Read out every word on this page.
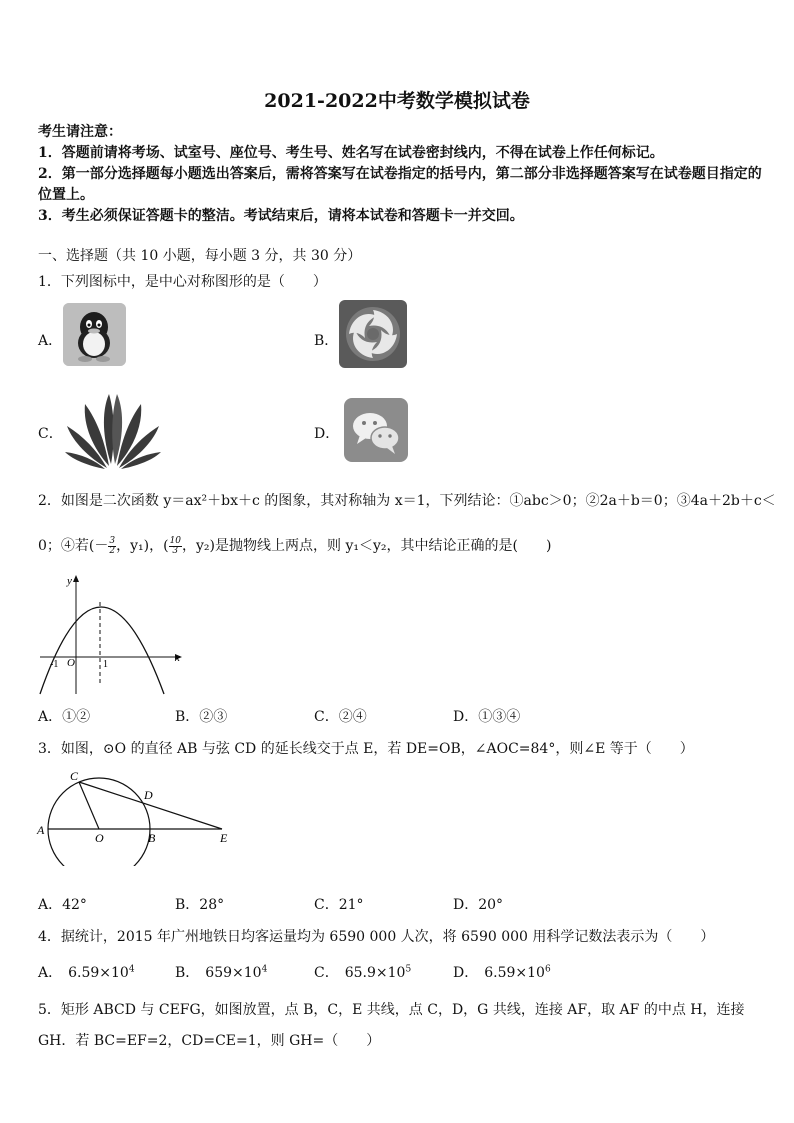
2021-2022中考数学模拟试卷
考生请注意：
1．答题前请将考场、试室号、座位号、考生号、姓名写在试卷密封线内，不得在试卷上作任何标记。
2．第一部分选择题每小题选出答案后，需将答案写在试卷指定的括号内，第二部分非选择题答案写在试卷题目指定的
位置上。
3．考生必须保证答题卡的整洁。考试结束后，请将本试卷和答题卡一并交回。
一、选择题（共 10 小题，每小题 3 分，共 30 分）
1．下列图标中，是中心对称图形的是（　　）
A．	B．
C．	D．
2．如图是二次函数 y＝ax²＋bx＋c 的图象，其对称轴为 x＝1，下列结论：①abc＞0；②2a＋b＝0；③4a＋2b＋c＜
0；④若(－ $\frac{3}{2}$ ，y₁)，( $\frac{10}{3}$ ，y₂)是抛物线上两点，则 y₁＜y₂，其中结论正确的是(　　)
y
x
O
-1	1
A．①②	B．②③	C．②④	D．①③④
3．如图，⊙O 的直径 AB 与弦 CD 的延长线交于点 E，若 DE=OB，∠AOC=84°，则∠E 等于（　　）
C
D
A
O	B	E
A．42°	B．28°	C．21°	D．20°
4．据统计，2015 年广州地铁日均客运量均为 6590 000 人次，将 6590 000 用科学记数法表示为（　　）
A． $6.59\times 10^4$	B． $659\times 10^4$	C． $65.9\times 10^5$	D． $6.59\times 10^6$
5．矩形 ABCD 与 CEFG，如图放置，点 B，C，E 共线，点 C，D，G 共线，连接 AF，取 AF 的中点 H，连接
GH．若 BC=EF=2，CD=CE=1，则 GH=（　　）
